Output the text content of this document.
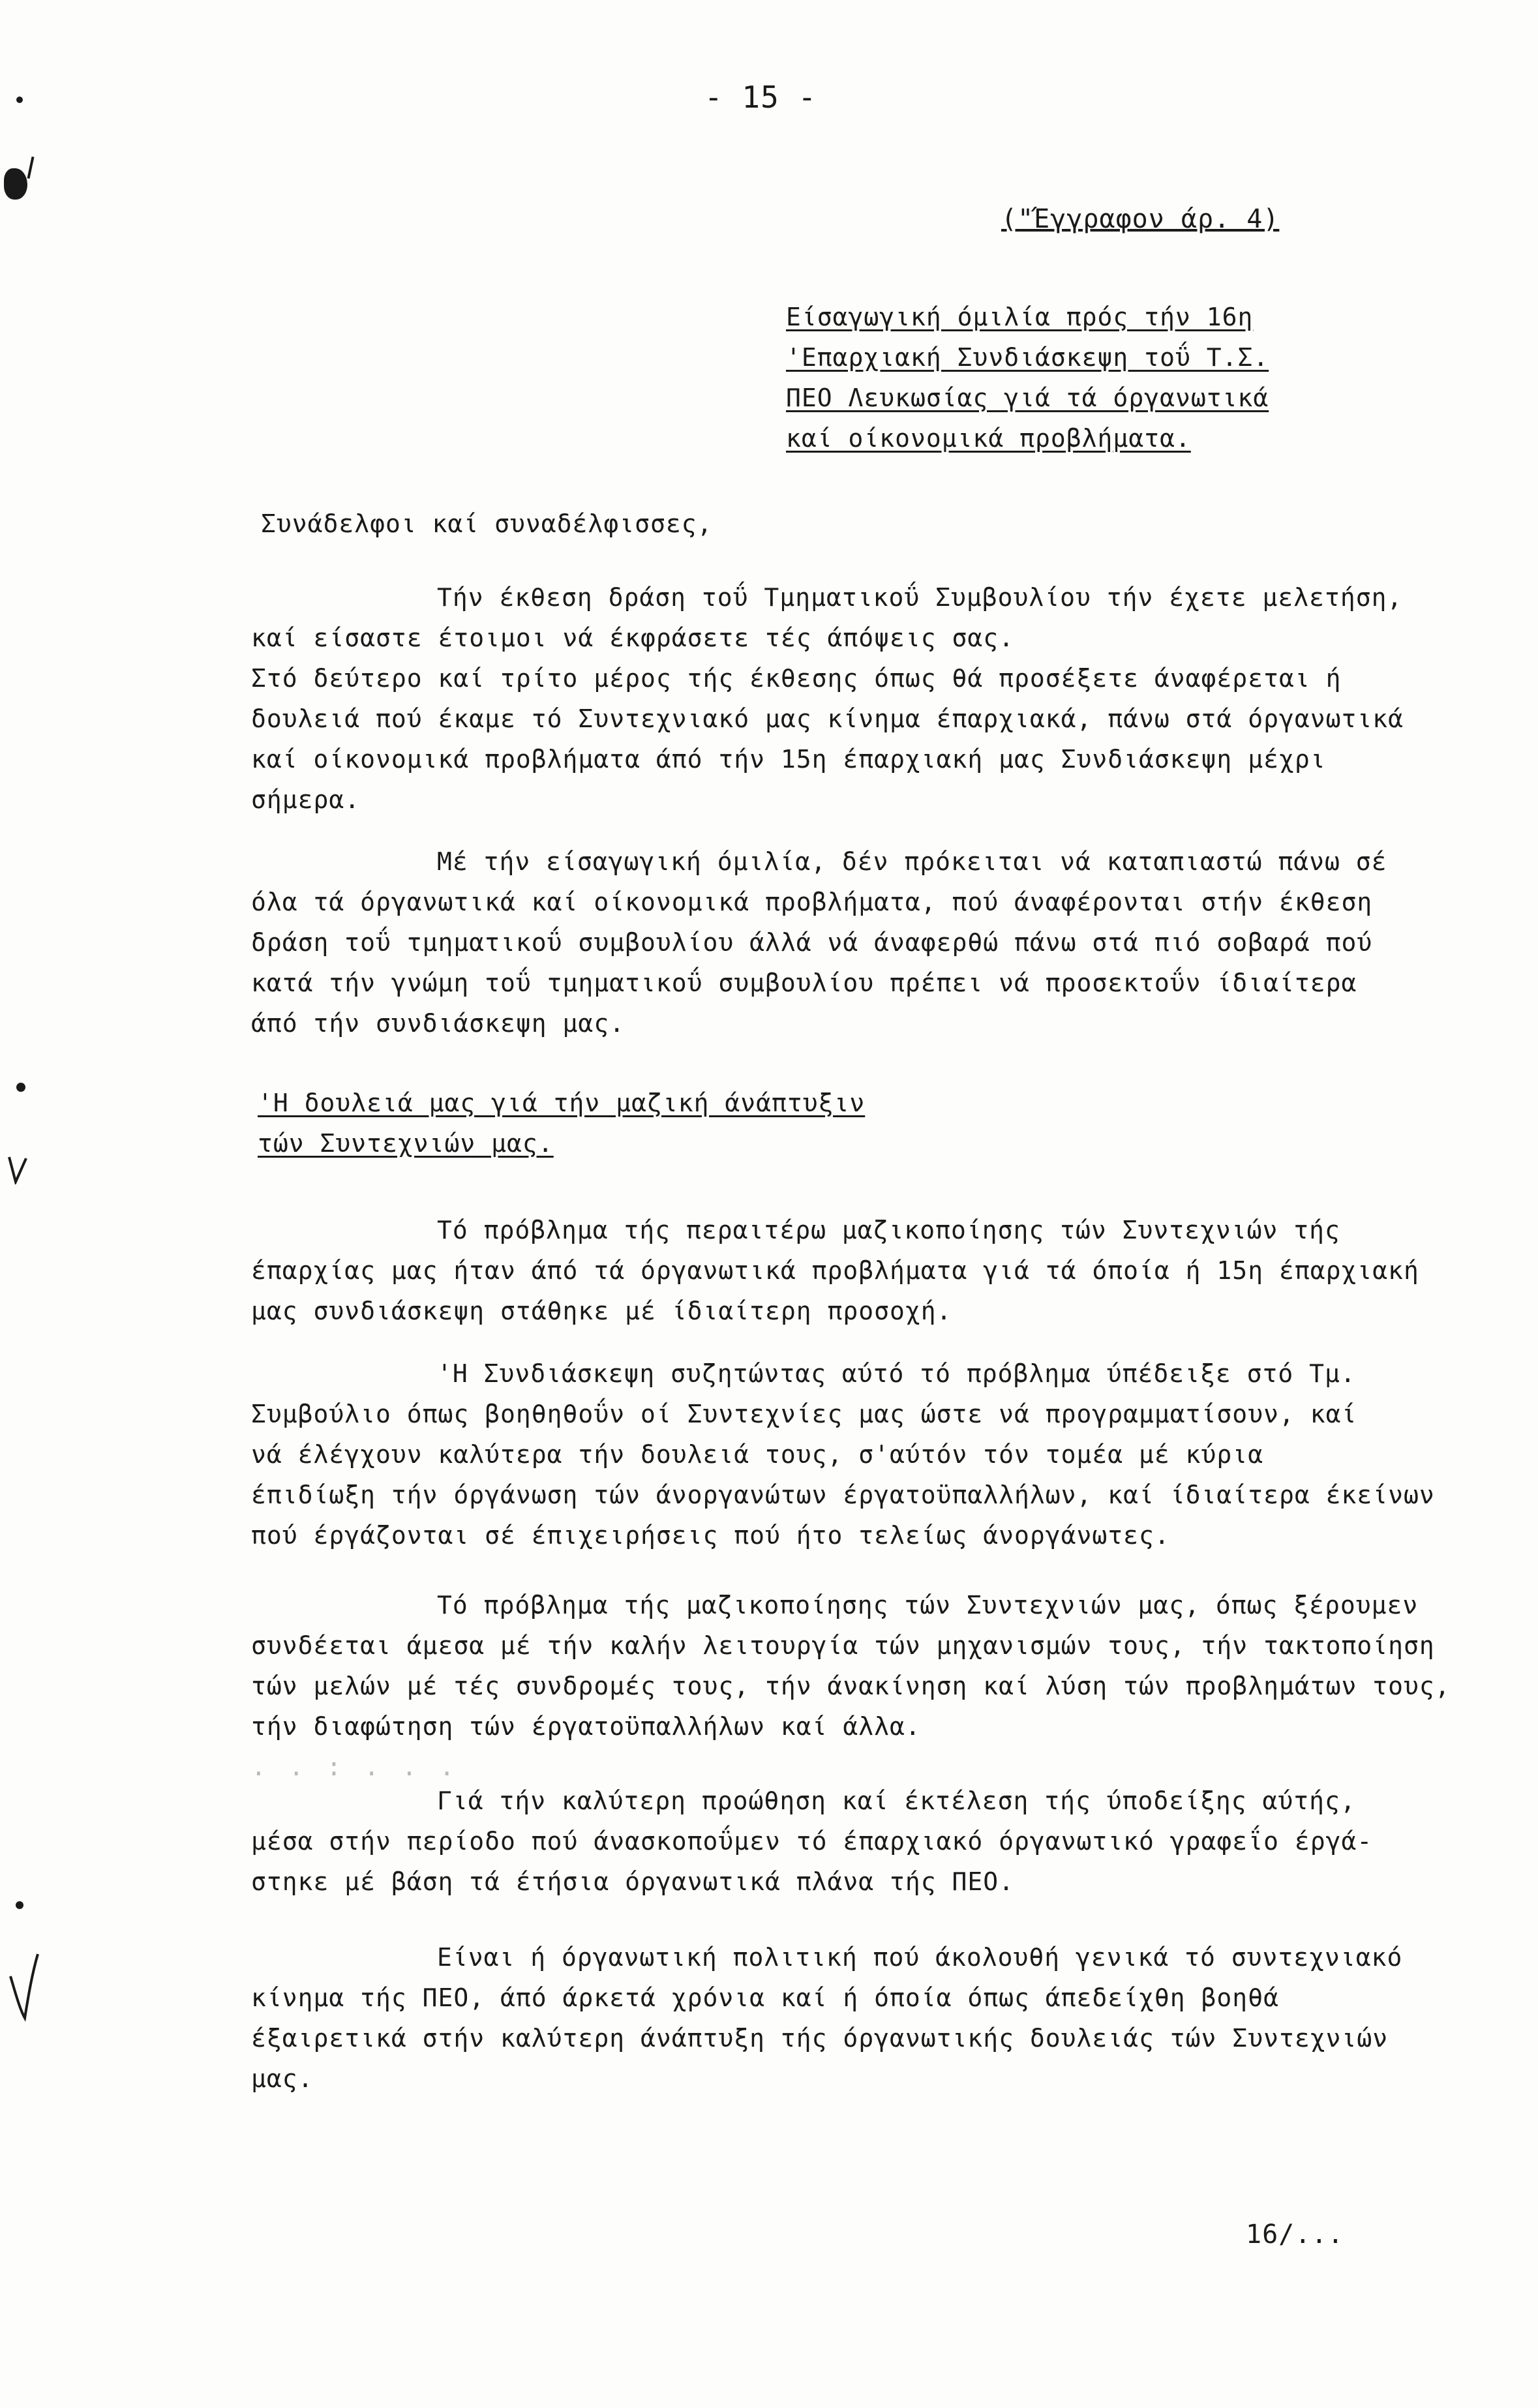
- 15 -
("Έγγραφον άρ. 4)
Είσαγωγική όμιλία πρός τήν 16η
'Επαρχιακή Συνδιάσκεψη τοΰ Τ.Σ.
ΠΕΟ Λευκωσίας γιά τά όργανωτικά
καί οίκονομικά προβλήματα.
Συνάδελφοι καί συναδέλφισσες,
Τήν έκθεση δράση τοΰ Τμηματικοΰ Συμβουλίου τήν έχετε μελετήση,
καί είσαστε έτοιμοι νά έκφράσετε τές άπόψεις σας.
Στό δεύτερο καί τρίτο μέρος τής έκθεσης όπως θά προσέξετε άναφέρεται ή
δουλειά πού έκαμε τό Συντεχνιακό μας κίνημα έπαρχιακά, πάνω στά όργανωτικά
καί οίκονομικά προβλήματα άπό τήν 15η έπαρχιακή μας Συνδιάσκεψη μέχρι
σήμερα.
Μέ τήν είσαγωγική όμιλία, δέν πρόκειται νά καταπιαστώ πάνω σέ
όλα τά όργανωτικά καί οίκονομικά προβλήματα, πού άναφέρονται στήν έκθεση
δράση τοΰ τμηματικοΰ συμβουλίου άλλά νά άναφερθώ πάνω στά πιό σοβαρά πού
κατά τήν γνώμη τοΰ τμηματικοΰ συμβουλίου πρέπει νά προσεκτοΰν ίδιαίτερα
άπό τήν συνδιάσκεψη μας.
'Η δουλειά μας γιά τήν μαζική άνάπτυξιν
τών Συντεχνιών μας.
Τό πρόβλημα τής περαιτέρω μαζικοποίησης τών Συντεχνιών τής
έπαρχίας μας ήταν άπό τά όργανωτικά προβλήματα γιά τά όποία ή 15η έπαρχιακή
μας συνδιάσκεψη στάθηκε μέ ίδιαίτερη προσοχή.
'Η Συνδιάσκεψη συζητώντας αύτό τό πρόβλημα ύπέδειξε στό Τμ.
Συμβούλιο όπως βοηθηθοΰν οί Συντεχνίες μας ώστε νά προγραμματίσουν, καί
νά έλέγχουν καλύτερα τήν δουλειά τους, σ'αύτόν τόν τομέα μέ κύρια
έπιδίωξη τήν όργάνωση τών άνοργανώτων έργατοϋπαλλήλων, καί ίδιαίτερα έκείνων
πού έργάζονται σέ έπιχειρήσεις πού ήτο τελείως άνοργάνωτες.
Τό πρόβλημα τής μαζικοποίησης τών Συντεχνιών μας, όπως ξέρουμεν
συνδέεται άμεσα μέ τήν καλήν λειτουργία τών μηχανισμών τους, τήν τακτοποίηση
τών μελών μέ τές συνδρομές τους, τήν άνακίνηση καί λύση τών προβλημάτων τους,
τήν διαφώτηση τών έργατοϋπαλλήλων καί άλλα.
. . : . . .
Γιά τήν καλύτερη προώθηση καί έκτέλεση τής ύποδείξης αύτής,
μέσα στήν περίοδο πού άνασκοποΰμεν τό έπαρχιακό όργανωτικό γραφεΐο έργά-
στηκε μέ βάση τά έτήσια όργανωτικά πλάνα τής ΠΕΟ.
Είναι ή όργανωτική πολιτική πού άκολουθή γενικά τό συντεχνιακό
κίνημα τής ΠΕΟ, άπό άρκετά χρόνια καί ή όποία όπως άπεδείχθη βοηθά
έξαιρετικά στήν καλύτερη άνάπτυξη τής όργανωτικής δουλειάς τών Συντεχνιών
μας.
16/...
